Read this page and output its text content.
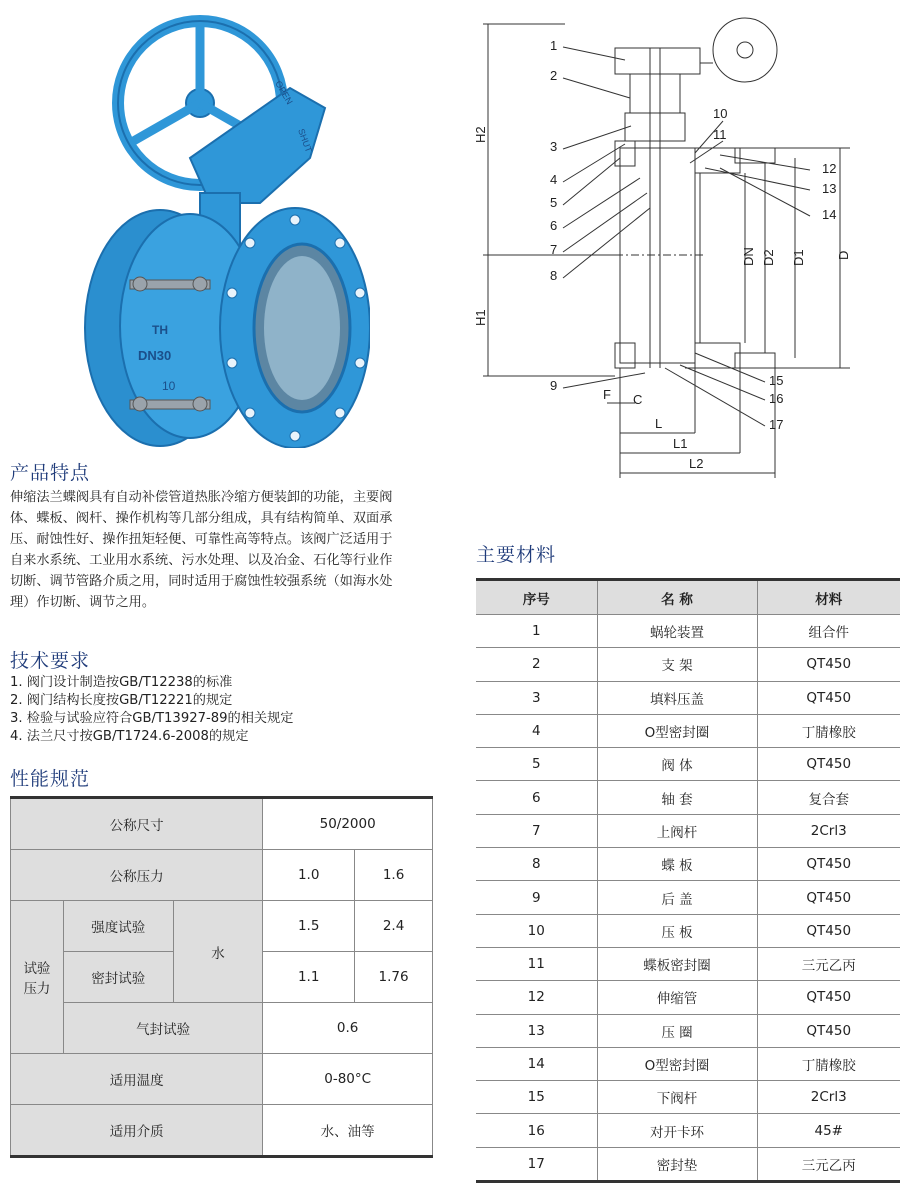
OPEN
SHUT
TH
DN30
10
1
2
3
4
5
6
7
8
9
10
11
12
13
14
15
16
17
H2
H1
DN D2 D1 D
F C
L
L1
L2
产品特点
伸缩法兰蝶阀具有自动补偿管道热胀冷缩方便装卸的功能，主要阀
体、蝶板、阀杆、操作机构等几部分组成，具有结构简单、双面承
压、耐蚀性好、操作扭矩轻便、可靠性高等特点。该阀广泛适用于
自来水系统、工业用水系统、污水处理、以及冶金、石化等行业作
切断、调节管路介质之用，同时适用于腐蚀性较强系统（如海水处
理）作切断、调节之用。
技术要求
1. 阀门设计制造按GB/T12238的标准
2. 阀门结构长度按GB/T12221的规定
3. 检验与试验应符合GB/T13927-89的相关规定
4. 法兰尺寸按GB/T1724.6-2008的规定
性能规范
公称尺寸			50/2000	
公称压力			1.0	1.6

试验
压力	强度试验	水	1.5	2.4
	密封试验		1.1	1.76
	气封试验		0.6	
适用温度			0-80°C	
适用介质			水、油等	
主要材料
序号	名 称	材料
1	蜗轮装置	组合件
2	支 架	QT450
3	填料压盖	QT450
4	O型密封圈	丁腈橡胶
5	阀 体	QT450
6	轴 套	复合套
7	上阀杆	2Crl3
8	蝶 板	QT450
9	后 盖	QT450
10	压 板	QT450
11	蝶板密封圈	三元乙丙
12	伸缩管	QT450
13	压 圈	QT450
14	O型密封圈	丁腈橡胶
15	下阀杆	2Crl3
16	对开卡环	45#
17	密封垫	三元乙丙
